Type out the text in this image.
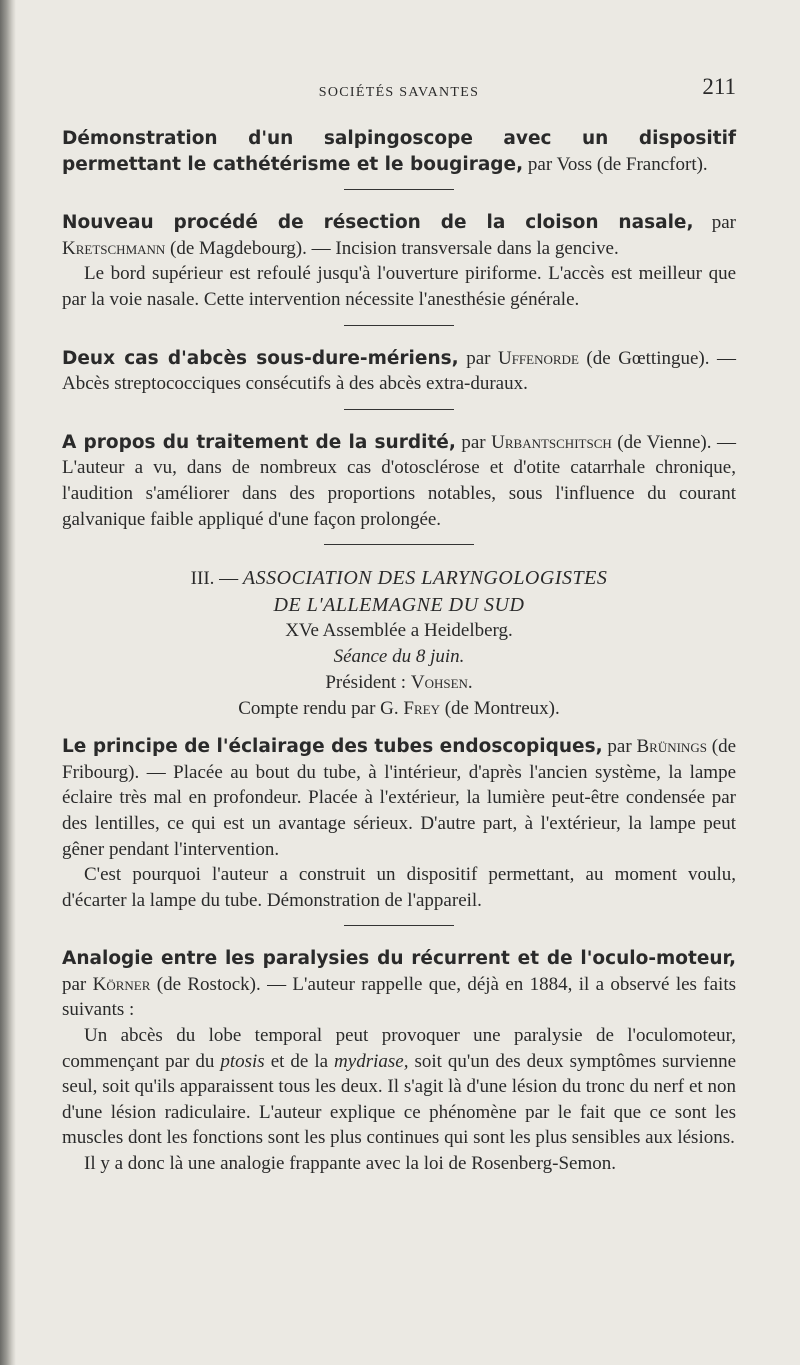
SOCIÉTÉS SAVANTES	211

Démonstration d'un salpingoscope avec un dispositif permettant le cathétérisme et le bougirage, par Voss (de Francfort).

Nouveau procédé de résection de la cloison nasale, par Kretschmann (de Magdebourg). — Incision transversale dans la gencive.

Le bord supérieur est refoulé jusqu'à l'ouverture piriforme. L'accès est meilleur que par la voie nasale. Cette intervention nécessite l'anesthésie générale.

Deux cas d'abcès sous-dure-mériens, par Uffenorde (de Gœttingue). — Abcès streptococciques consécutifs à des abcès extra-duraux.

A propos du traitement de la surdité, par Urbantschitsch (de Vienne). — L'auteur a vu, dans de nombreux cas d'otosclérose et d'otite catarrhale chronique, l'audition s'améliorer dans des proportions notables, sous l'influence du courant galvanique faible appliqué d'une façon prolongée.

III. — ASSOCIATION DES LARYNGOLOGISTES
DE L'ALLEMAGNE DU SUD
XVe Assemblée a Heidelberg.
Séance du 8 juin.
Président : Vohsen.
Compte rendu par G. Frey (de Montreux).

Le principe de l'éclairage des tubes endoscopiques, par Brünings (de Fribourg). — Placée au bout du tube, à l'intérieur, d'après l'ancien système, la lampe éclaire très mal en profondeur. Placée à l'extérieur, la lumière peut-être condensée par des lentilles, ce qui est un avantage sérieux. D'autre part, à l'extérieur, la lampe peut gêner pendant l'intervention.

C'est pourquoi l'auteur a construit un dispositif permettant, au moment voulu, d'écarter la lampe du tube. Démonstration de l'appareil.

Analogie entre les paralysies du récurrent et de l'oculo-moteur, par Körner (de Rostock). — L'auteur rappelle que, déjà en 1884, il a observé les faits suivants :

Un abcès du lobe temporal peut provoquer une paralysie de l'oculomoteur, commençant par du ptosis et de la mydriase, soit qu'un des deux symptômes survienne seul, soit qu'ils apparaissent tous les deux. Il s'agit là d'une lésion du tronc du nerf et non d'une lésion radiculaire. L'auteur explique ce phénomène par le fait que ce sont les muscles dont les fonctions sont les plus continues qui sont les plus sensibles aux lésions.

Il y a donc là une analogie frappante avec la loi de Rosenberg-Semon.
